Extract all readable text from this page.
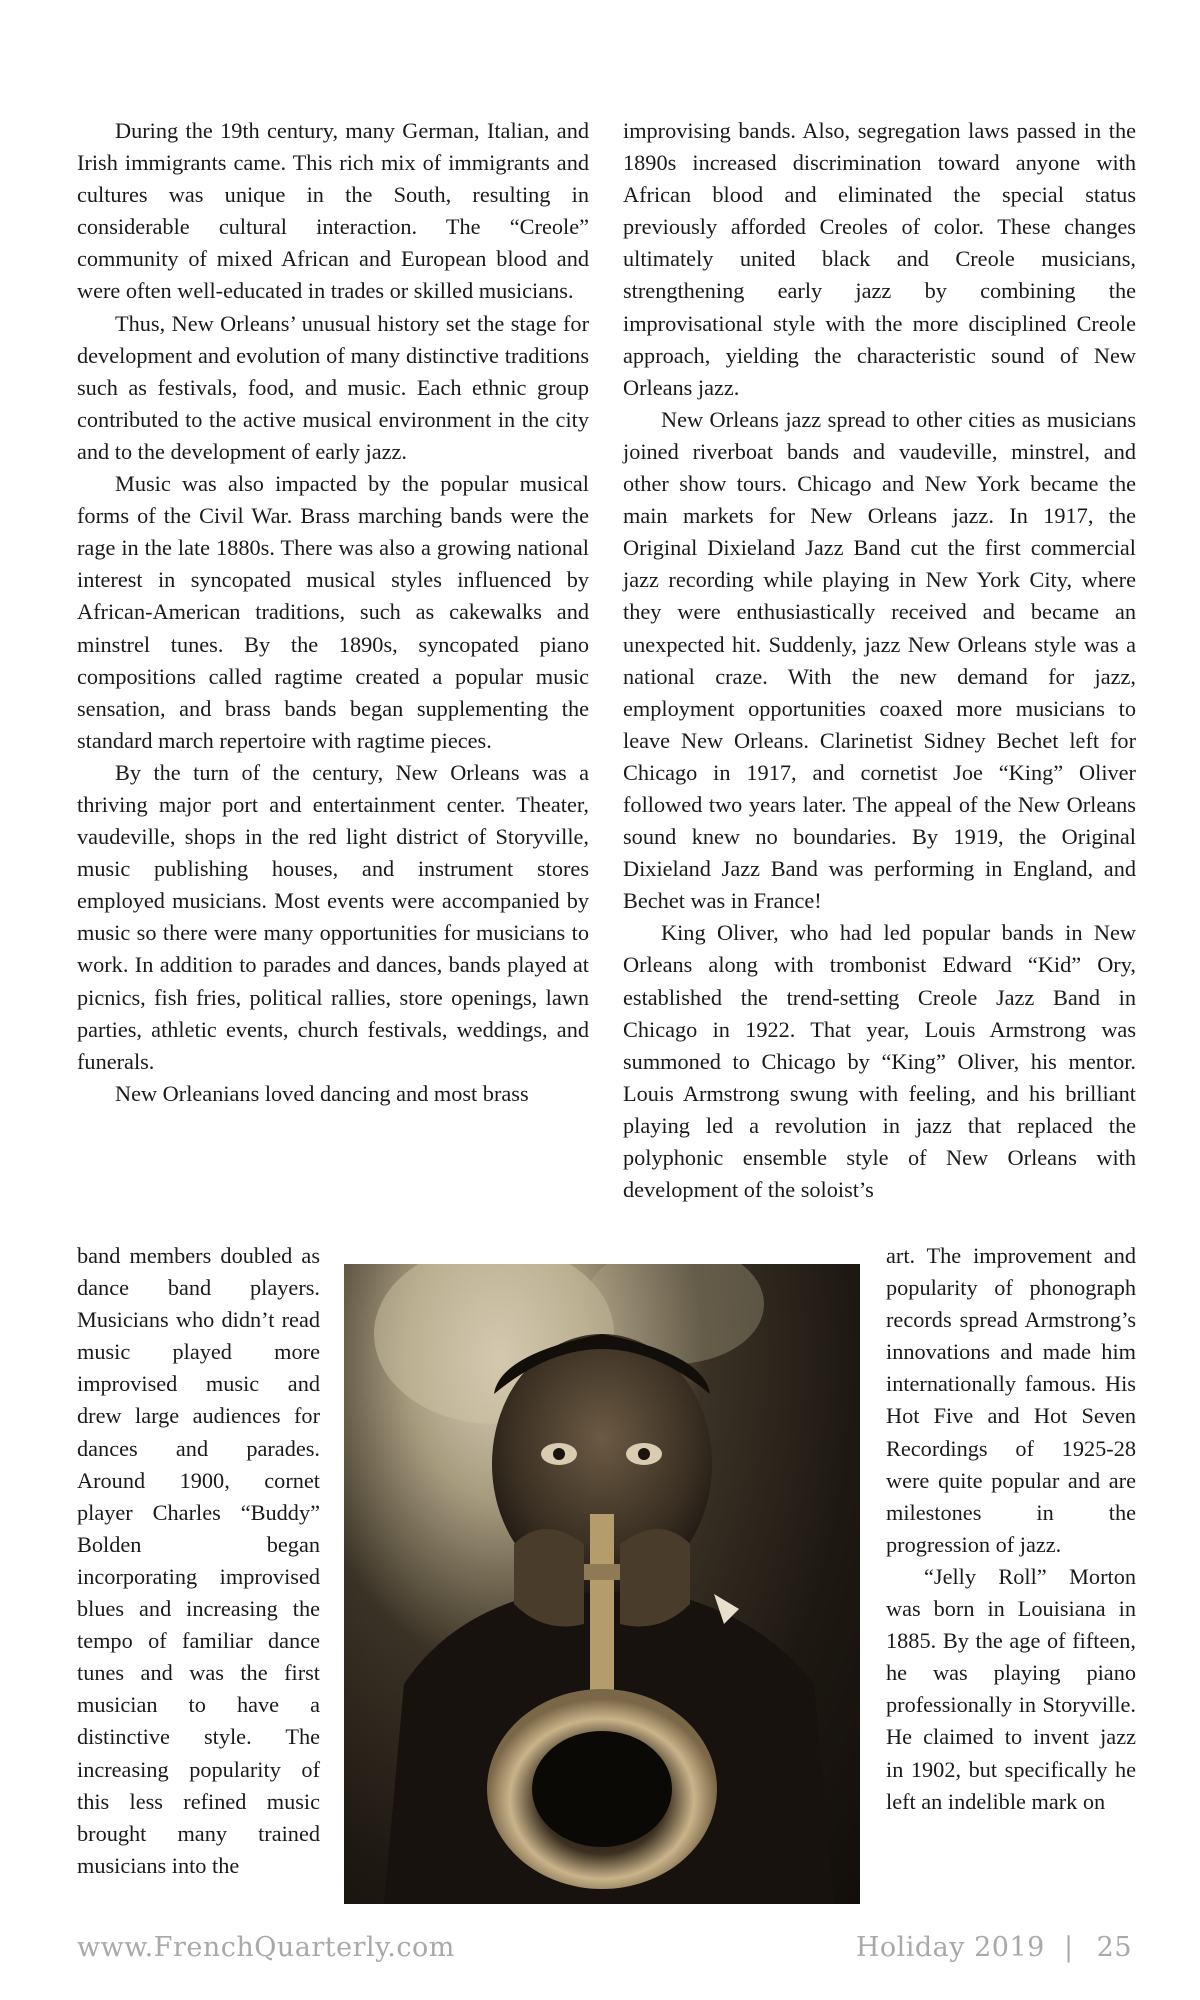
During the 19th century, many German, Italian, and Irish immigrants came. This rich mix of immigrants and cultures was unique in the South, resulting in considerable cultural interaction. The “Creole” community of mixed African and European blood and were often well-educated in trades or skilled musicians.

Thus, New Orleans’ unusual history set the stage for development and evolution of many distinctive traditions such as festivals, food, and music. Each ethnic group contributed to the active musical environment in the city and to the development of early jazz.

Music was also impacted by the popular musical forms of the Civil War. Brass marching bands were the rage in the late 1880s. There was also a growing national interest in syncopated musical styles influenced by African-American traditions, such as cakewalks and minstrel tunes. By the 1890s, syncopated piano compositions called ragtime created a popular music sensation, and brass bands began supplementing the standard march repertoire with ragtime pieces.

By the turn of the century, New Orleans was a thriving major port and entertainment center. Theater, vaudeville, shops in the red light district of Storyville, music publishing houses, and instrument stores employed musicians. Most events were accompanied by music so there were many opportunities for musicians to work. In addition to parades and dances, bands played at picnics, fish fries, political rallies, store openings, lawn parties, athletic events, church festivals, weddings, and funerals.

New Orleanians loved dancing and most brass

band members doubled as dance band players. Musicians who didn’t read music played more improvised music and drew large audiences for dances and parades. Around 1900, cornet player Charles “Buddy” Bolden began incorporating improvised blues and increasing the tempo of familiar dance tunes and was the first musician to have a distinctive style. The increasing popularity of this less refined music brought many trained musicians into the

improvising bands. Also, segregation laws passed in the 1890s increased discrimination toward anyone with African blood and eliminated the special status previously afforded Creoles of color. These changes ultimately united black and Creole musicians, strengthening early jazz by combining the improvisational style with the more disciplined Creole approach, yielding the characteristic sound of New Orleans jazz.

New Orleans jazz spread to other cities as musicians joined riverboat bands and vaudeville, minstrel, and other show tours. Chicago and New York became the main markets for New Orleans jazz. In 1917, the Original Dixieland Jazz Band cut the first commercial jazz recording while playing in New York City, where they were enthusiastically received and became an unexpected hit. Suddenly, jazz New Orleans style was a national craze. With the new demand for jazz, employment opportunities coaxed more musicians to leave New Orleans. Clarinetist Sidney Bechet left for Chicago in 1917, and cornetist Joe “King” Oliver followed two years later. The appeal of the New Orleans sound knew no boundaries. By 1919, the Original Dixieland Jazz Band was performing in England, and Bechet was in France!

King Oliver, who had led popular bands in New Orleans along with trombonist Edward “Kid” Ory, established the trend-setting Creole Jazz Band in Chicago in 1922. That year, Louis Armstrong was summoned to Chicago by “King” Oliver, his mentor. Louis Armstrong swung with feeling, and his brilliant playing led a revolution in jazz that replaced the polyphonic ensemble style of New Orleans with development of the soloist’s

art. The improvement and popularity of phonograph records spread Armstrong’s innovations and made him internationally famous. His Hot Five and Hot Seven Recordings of 1925-28 were quite popular and are milestones in the progression of jazz.

“Jelly Roll” Morton was born in Louisiana in 1885. By the age of fifteen, he was playing piano professionally in Storyville. He claimed to invent jazz in 1902, but specifically he left an indelible mark on

www.FrenchQuarterly.com	Holiday 2019 | 25
